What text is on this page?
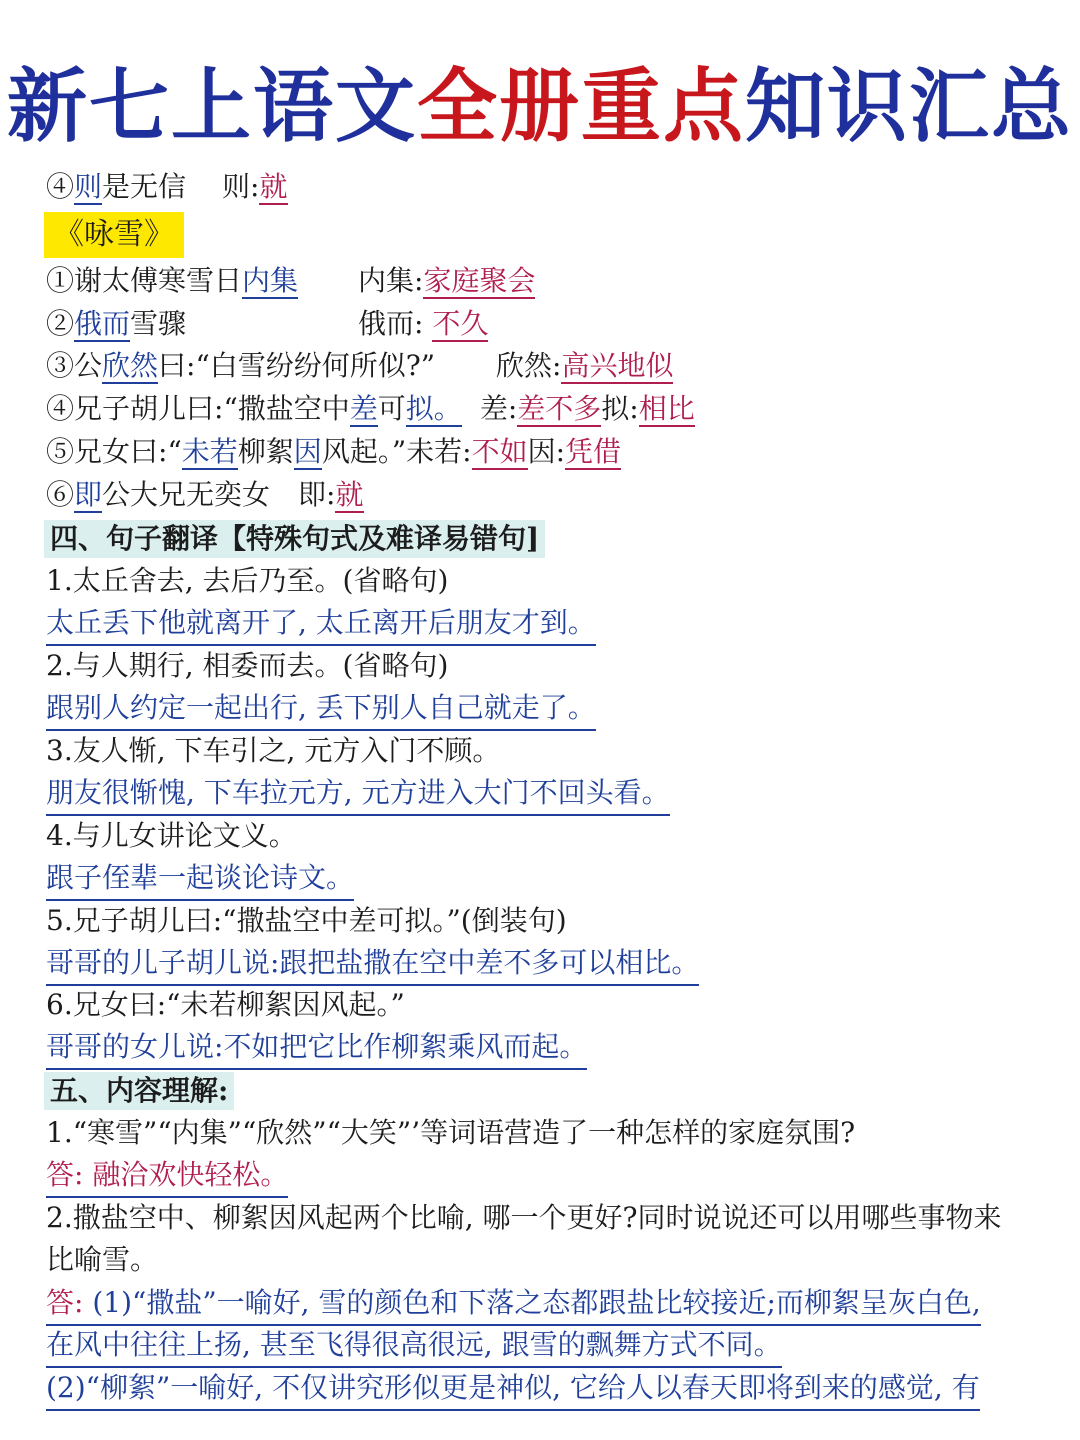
新七上语文全册重点知识汇总
④则是无信 则:就
《咏雪》
①谢太傅寒雪日内集 内集:家庭聚会
②俄而雪骤	俄而: 不久
③公欣然曰:“白雪纷纷何所似?” 欣然:高兴地似
④兄子胡儿曰:“撒盐空中差可拟。 差:差不多拟:相比
⑤兄女曰:“未若柳絮因风起。”未若:不如因:凭借
⑥即公大兄无奕女 即:就
四、句子翻译【特殊句式及难译易错句]
1.太丘舍去, 去后乃至。(省略句)
太丘丢下他就离开了, 太丘离开后朋友才到。
2.与人期行, 相委而去。(省略句)
跟别人约定一起出行, 丢下别人自己就走了。
3.友人惭, 下车引之, 元方入门不顾。
朋友很惭愧, 下车拉元方, 元方进入大门不回头看。
4.与儿女讲论文义。
跟子侄辈一起谈论诗文。
5.兄子胡儿曰:“撒盐空中差可拟。”(倒装句)
哥哥的儿子胡儿说:跟把盐撒在空中差不多可以相比。
6.兄女曰:“未若柳絮因风起。”
哥哥的女儿说:不如把它比作柳絮乘风而起。
五、内容理解:
1.“寒雪”“内集”“欣然”“大笑”’等词语营造了一种怎样的家庭氛围?
答: 融洽欢快轻松。
2.撒盐空中、柳絮因风起两个比喻, 哪一个更好?同时说说还可以用哪些事物来
比喻雪。
答: (1)“撒盐”一喻好, 雪的颜色和下落之态都跟盐比较接近;而柳絮呈灰白色,
在风中往往上扬, 甚至飞得很高很远, 跟雪的飘舞方式不同。
(2)“柳絮”一喻好, 不仅讲究形似更是神似, 它给人以春天即将到来的感觉, 有
